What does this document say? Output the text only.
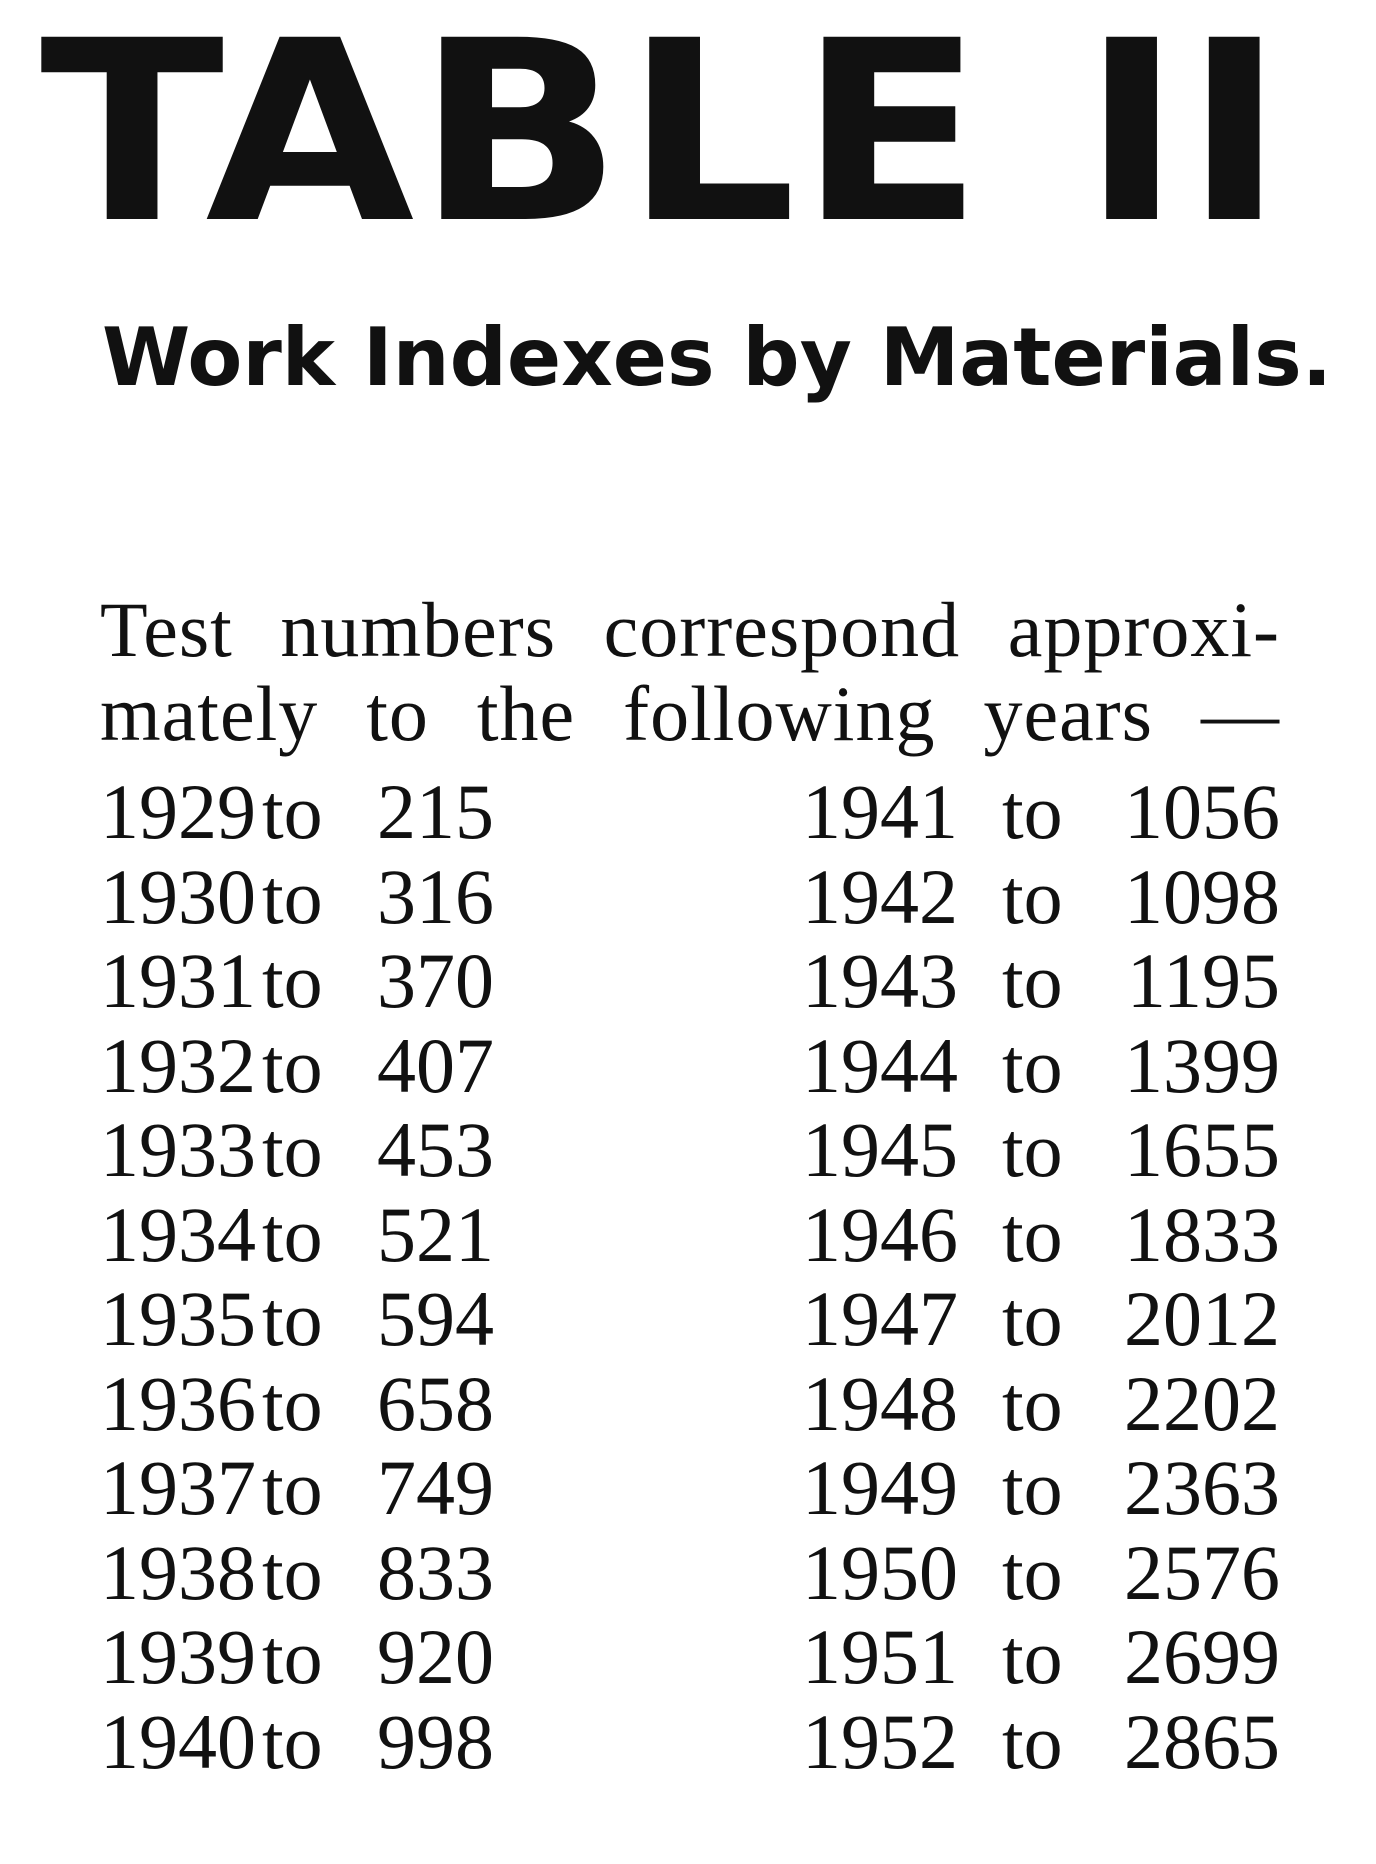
TABLE II
Work Indexes by Materials.

Test numbers correspond approxi- mately to the following years —

1929 to 215
1930 to 316
1931 to 370
1932 to 407
1933 to 453
1934 to 521
1935 to 594
1936 to 658
1937 to 749
1938 to 833
1939 to 920
1940 to 998
1941 to 1056
1942 to 1098
1943 to 1195
1944 to 1399
1945 to 1655
1946 to 1833
1947 to 2012
1948 to 2202
1949 to 2363
1950 to 2576
1951 to 2699
1952 to 2865
